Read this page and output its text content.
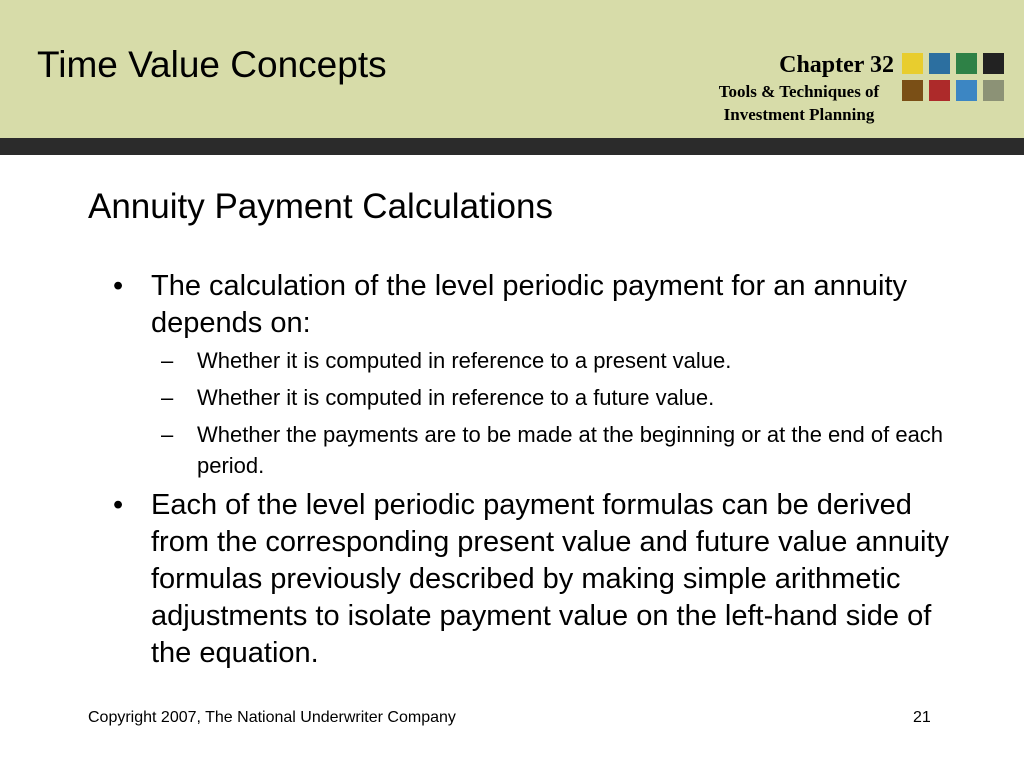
Time Value Concepts	Chapter 32
Tools & Techniques of
Investment Planning
Annuity Payment Calculations
• The calculation of the level periodic payment for an annuity depends on:
– Whether it is computed in reference to a present value.
– Whether it is computed in reference to a future value.
– Whether the payments are to be made at the beginning or at the end of each period.
• Each of the level periodic payment formulas can be derived from the corresponding present value and future value annuity formulas previously described by making simple arithmetic adjustments to isolate payment value on the left-hand side of the equation.
Copyright 2007, The National Underwriter Company	21
